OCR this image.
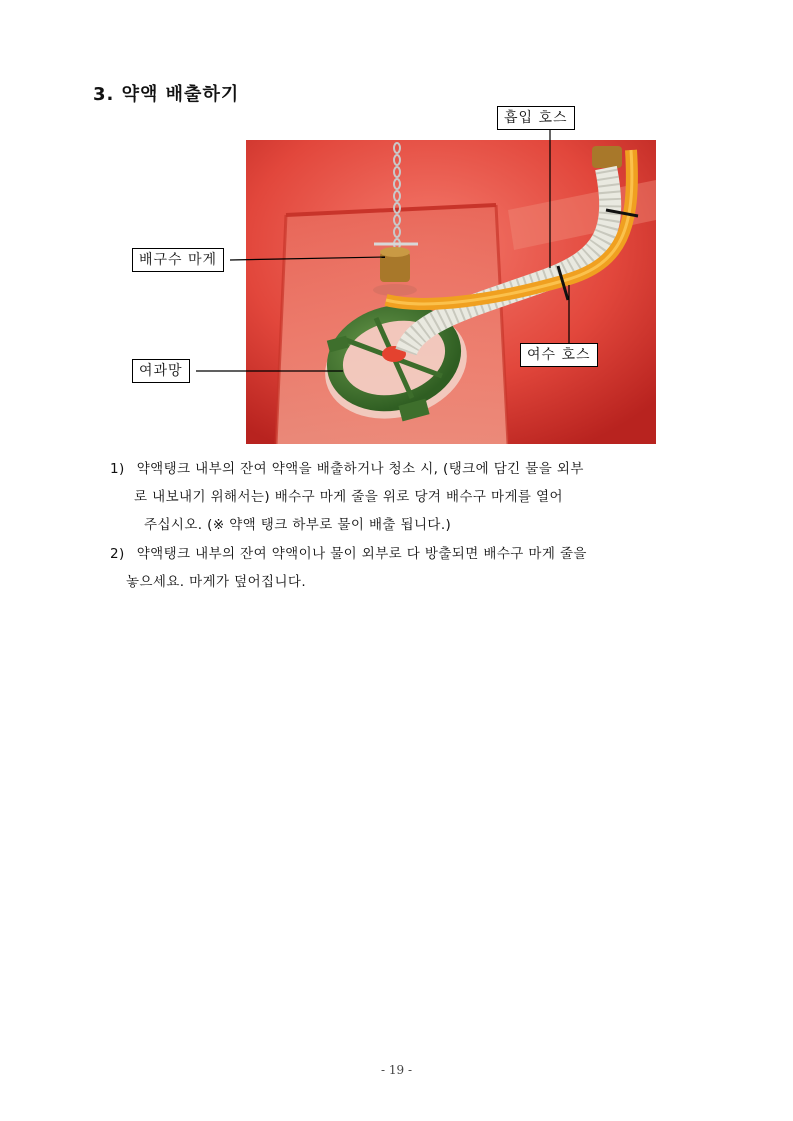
3. 약액 배출하기
흡입 호스
배구수 마게
여수 호스
여과망
1) 약액탱크 내부의 잔여 약액을 배출하거나 청소 시, (탱크에 담긴 물을 외부
로 내보내기 위해서는) 배수구 마게 줄을 위로 당겨 배수구 마게를 열어
주십시오. (※ 약액 탱크 하부로 물이 배출 됩니다.)
2) 약액탱크 내부의 잔여 약액이나 물이 외부로 다 방출되면 배수구 마게 줄을
놓으세요. 마게가 덮어집니다.
- 19 -
